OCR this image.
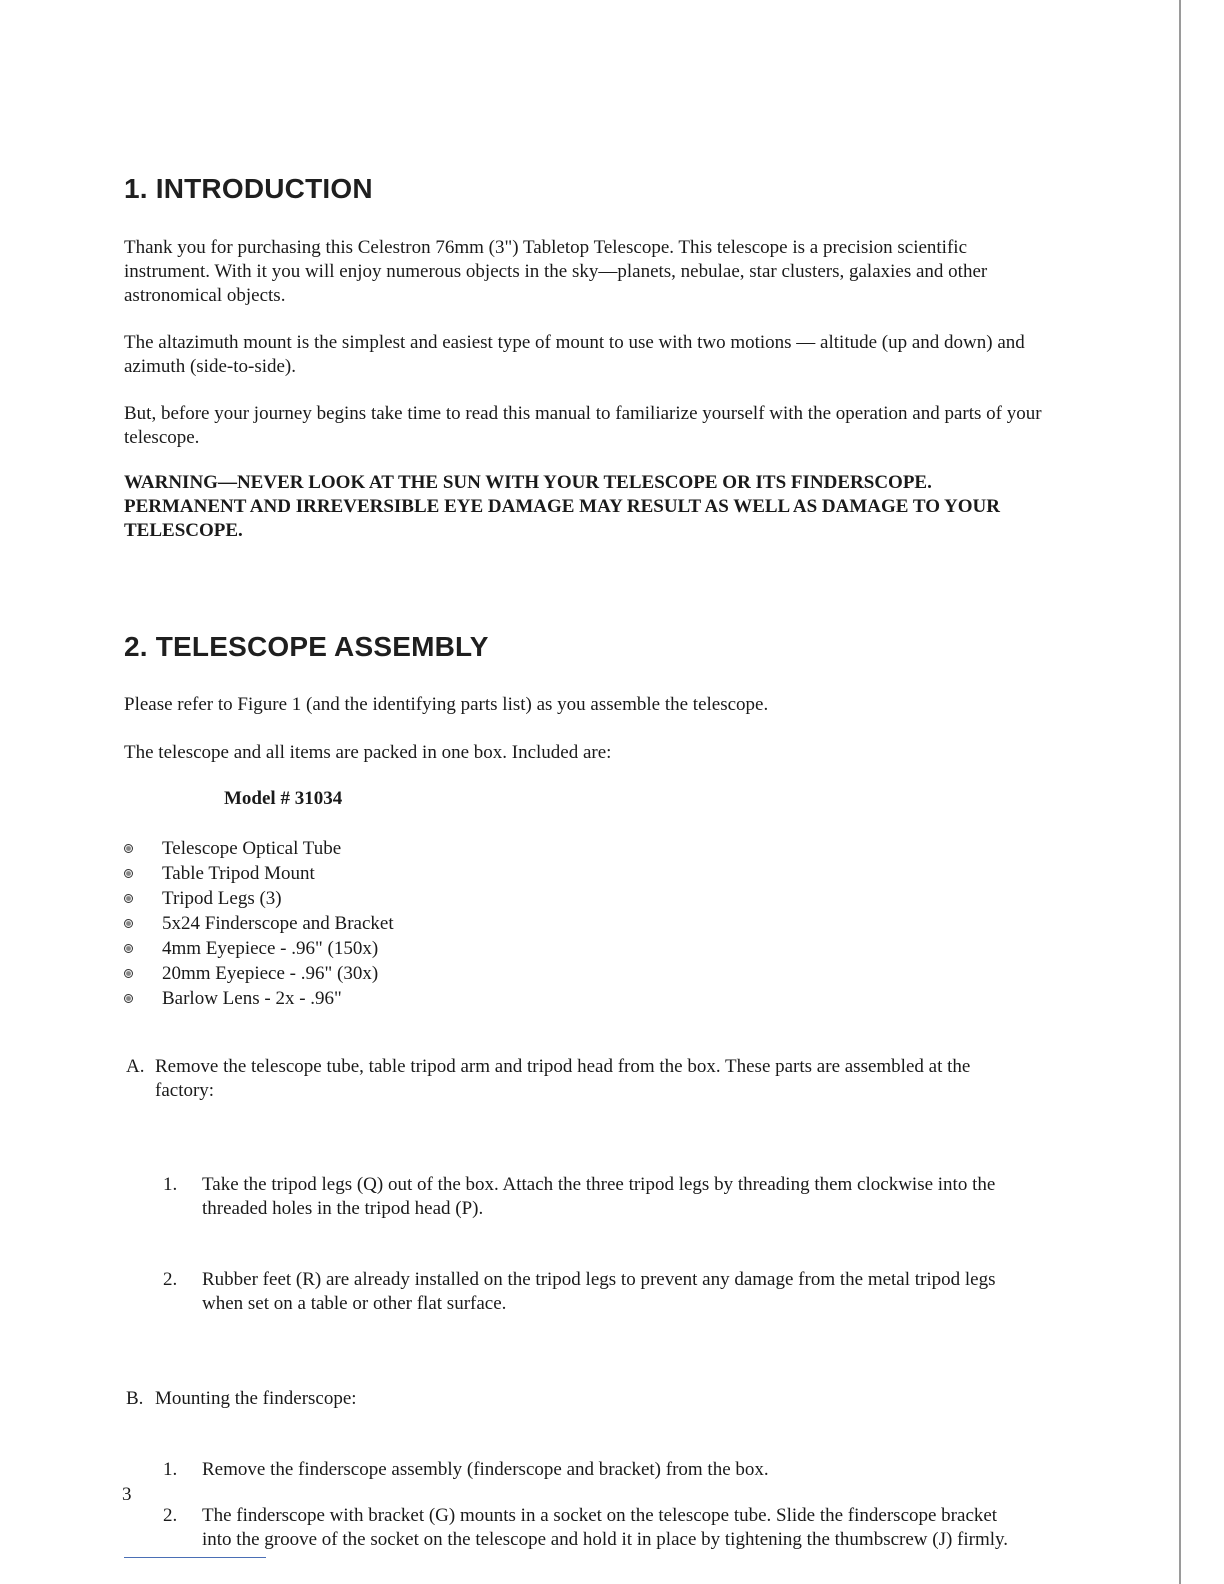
1. INTRODUCTION
Thank you for purchasing this Celestron 76mm (3") Tabletop Telescope. This telescope is a precision scientific instrument. With it you will enjoy numerous objects in the sky—planets, nebulae, star clusters, galaxies and other astronomical objects.
The altazimuth mount is the simplest and easiest type of mount to use with two motions — altitude (up and down) and azimuth (side-to-side).
But, before your journey begins take time to read this manual to familiarize yourself with the operation and parts of your telescope.
WARNING—NEVER LOOK AT THE SUN WITH YOUR TELESCOPE OR ITS FINDERSCOPE. PERMANENT AND IRREVERSIBLE EYE DAMAGE MAY RESULT AS WELL AS DAMAGE TO YOUR TELESCOPE.
2. TELESCOPE ASSEMBLY
Please refer to Figure 1 (and the identifying parts list) as you assemble the telescope.
The telescope and all items are packed in one box. Included are:
Model # 31034
Telescope Optical Tube
Table Tripod Mount
Tripod Legs (3)
5x24 Finderscope and Bracket
4mm Eyepiece - .96" (150x)
20mm Eyepiece - .96" (30x)
Barlow Lens - 2x - .96"
A. Remove the telescope tube, table tripod arm and tripod head from the box. These parts are assembled at the factory:
1. Take the tripod legs (Q) out of the box. Attach the three tripod legs by threading them clockwise into the threaded holes in the tripod head (P).
2. Rubber feet (R) are already installed on the tripod legs to prevent any damage from the metal tripod legs when set on a table or other flat surface.
B. Mounting the finderscope:
1. Remove the finderscope assembly (finderscope and bracket) from the box.
2. The finderscope with bracket (G) mounts in a socket on the telescope tube. Slide the finderscope bracket into the groove of the socket on the telescope and hold it in place by tightening the thumbscrew (J) firmly.
3
